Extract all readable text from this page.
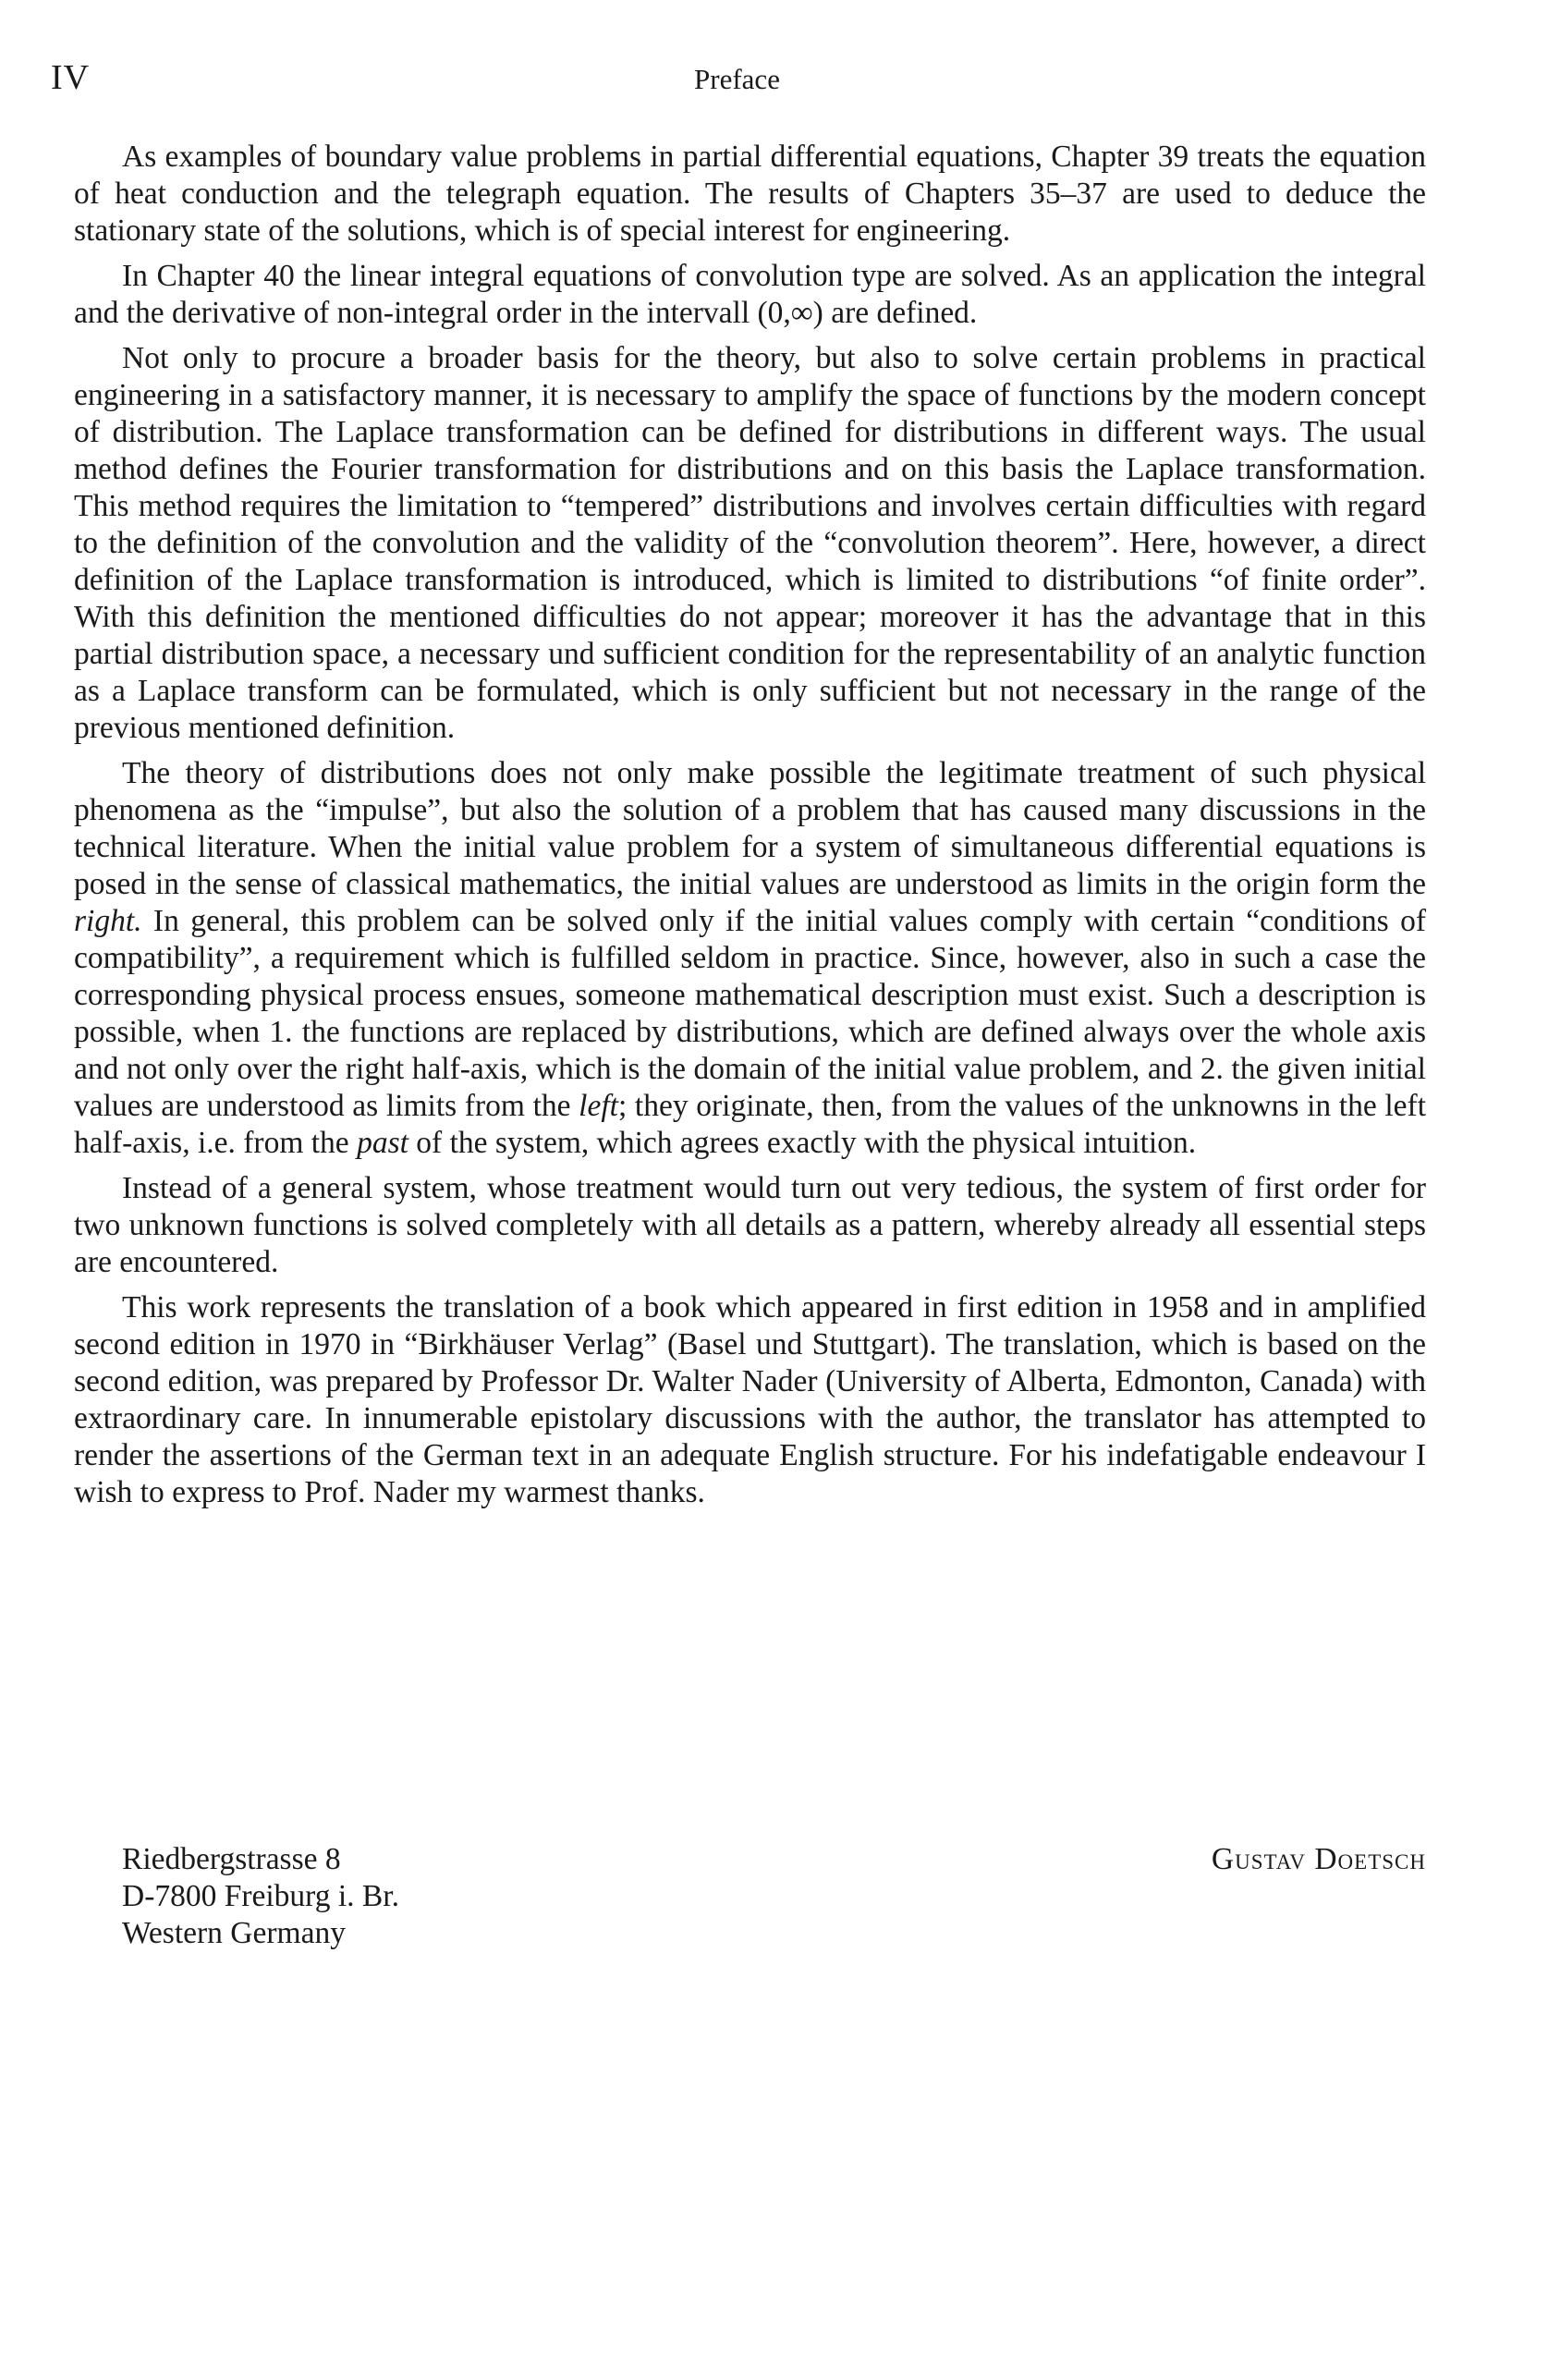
IV	Preface

As examples of boundary value problems in partial differential equations, Chapter 39 treats the equation of heat conduction and the telegraph equation. The results of Chapters 35–37 are used to deduce the stationary state of the solutions, which is of special interest for engineering.

In Chapter 40 the linear integral equations of convolution type are solved. As an application the integral and the derivative of non-integral order in the intervall (0,∞) are defined.

Not only to procure a broader basis for the theory, but also to solve certain problems in practical engineering in a satisfactory manner, it is necessary to amplify the space of functions by the modern concept of distribution. The Laplace transformation can be defined for distributions in different ways. The usual method defines the Fourier transformation for distributions and on this basis the Laplace transformation. This method requires the limitation to “tempered” distributions and involves certain difficulties with regard to the definition of the convolution and the validity of the “convolution theorem”. Here, however, a direct definition of the Laplace transformation is introduced, which is limited to distributions “of finite order”. With this definition the mentioned difficulties do not appear; moreover it has the advantage that in this partial distribution space, a necessary und sufficient condition for the representability of an analytic function as a Laplace transform can be formulated, which is only sufficient but not necessary in the range of the previous mentioned definition.

The theory of distributions does not only make possible the legitimate treatment of such physical phenomena as the “impulse”, but also the solution of a problem that has caused many discussions in the technical literature. When the initial value problem for a system of simultaneous differential equations is posed in the sense of classical mathematics, the initial values are understood as limits in the origin form the right. In general, this problem can be solved only if the initial values comply with certain “conditions of compatibility”, a requirement which is fulfilled seldom in practice. Since, however, also in such a case the corresponding physical process ensues, someone mathematical description must exist. Such a description is possible, when 1. the functions are replaced by distributions, which are defined always over the whole axis and not only over the right half-axis, which is the domain of the initial value problem, and 2. the given initial values are understood as limits from the left; they originate, then, from the values of the unknowns in the left half-axis, i.e. from the past of the system, which agrees exactly with the physical intuition.

Instead of a general system, whose treatment would turn out very tedious, the system of first order for two unknown functions is solved completely with all details as a pattern, whereby already all essential steps are encountered.

This work represents the translation of a book which appeared in first edition in 1958 and in amplified second edition in 1970 in “Birkhäuser Verlag” (Basel und Stuttgart). The translation, which is based on the second edition, was prepared by Professor Dr. Walter Nader (University of Alberta, Edmonton, Canada) with extraordinary care. In innumerable epistolary discussions with the author, the translator has attempted to render the assertions of the German text in an adequate English structure. For his indefatigable endeavour I wish to express to Prof. Nader my warmest thanks.

Riedbergstrasse 8
D-7800 Freiburg i. Br.
Western Germany
Gustav Doetsch
